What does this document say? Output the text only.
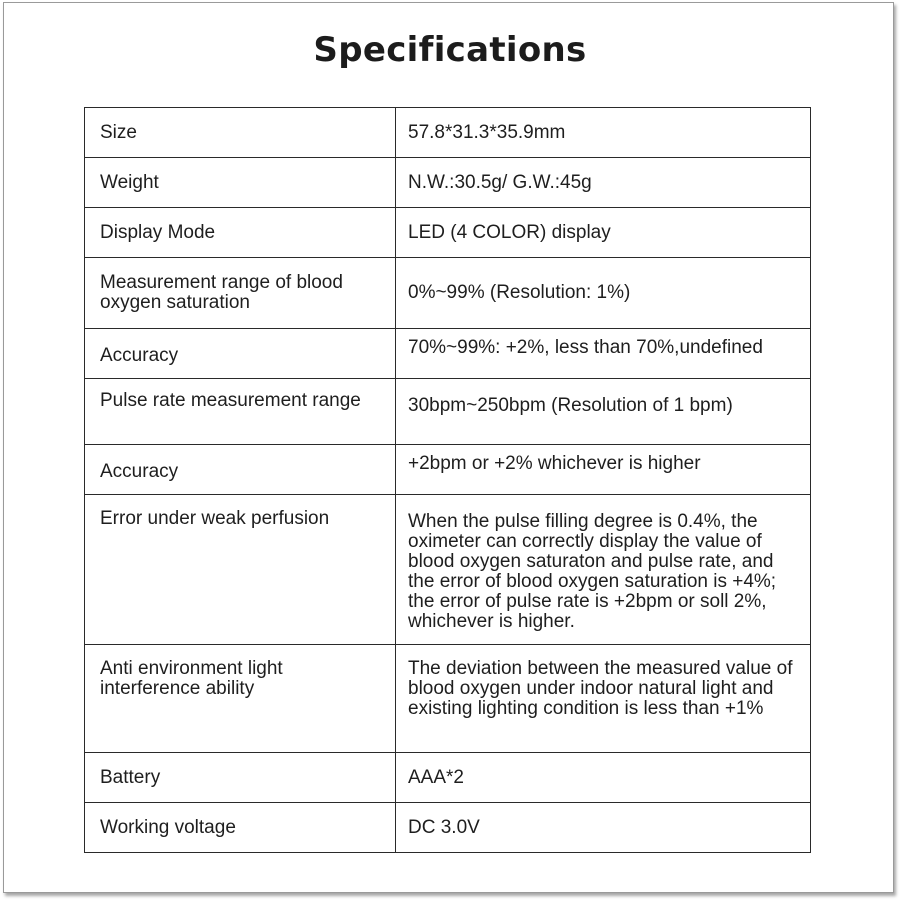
Specifications
Size	57.8*31.3*35.9mm
Weight	N.W.:30.5g/ G.W.:45g
Display Mode	LED (4 COLOR) display
Measurement range of blood oxygen saturation	0%~99% (Resolution: 1%)
Accuracy	70%~99%: +2%, less than 70%,undefined
Pulse rate measurement range	30bpm~250bpm (Resolution of 1 bpm)
Accuracy	+2bpm or +2% whichever is higher
Error under weak perfusion	When the pulse filling degree is 0.4%, the oximeter can correctly display the value of blood oxygen saturaton and pulse rate, and the error of blood oxygen saturation is +4%; the error of pulse rate is +2bpm or soll 2%, whichever is higher.
Anti environment light interference ability	The deviation between the measured value of blood oxygen under indoor natural light and existing lighting condition is less than +1%
Battery	AAA*2
Working voltage	DC 3.0V
